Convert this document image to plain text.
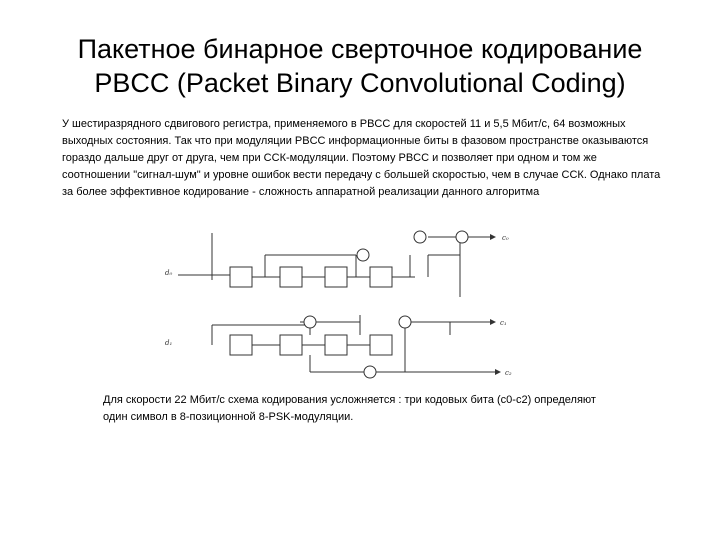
Пакетное бинарное сверточное кодирование
PBCC (Packet Binary Convolutional Coding)

У шестиразрядного сдвигового регистра, применяемого в PBCC для скоростей 11 и 5,5 Мбит/с, 64 возможных выходных состояния. Так что при модуляции PBCC информационные биты в фазовом пространстве оказываются гораздо дальше друг от друга, чем при ССК-модуляции. Поэтому PBCC и позволяет при одном и том же соотношении "сигнал-шум" и уровне ошибок вести передачу с большей скоростью, чем в случае ССК. Однако плата за более эффективное кодирование - сложность аппаратной реализации данного алгоритма

d₀
d₁
c₀
c₁
c₂

Для скорости 22 Мбит/с схема кодирования усложняется : три кодовых бита (c0-c2) определяют один символ в 8-позиционной 8-PSK-модуляции.
